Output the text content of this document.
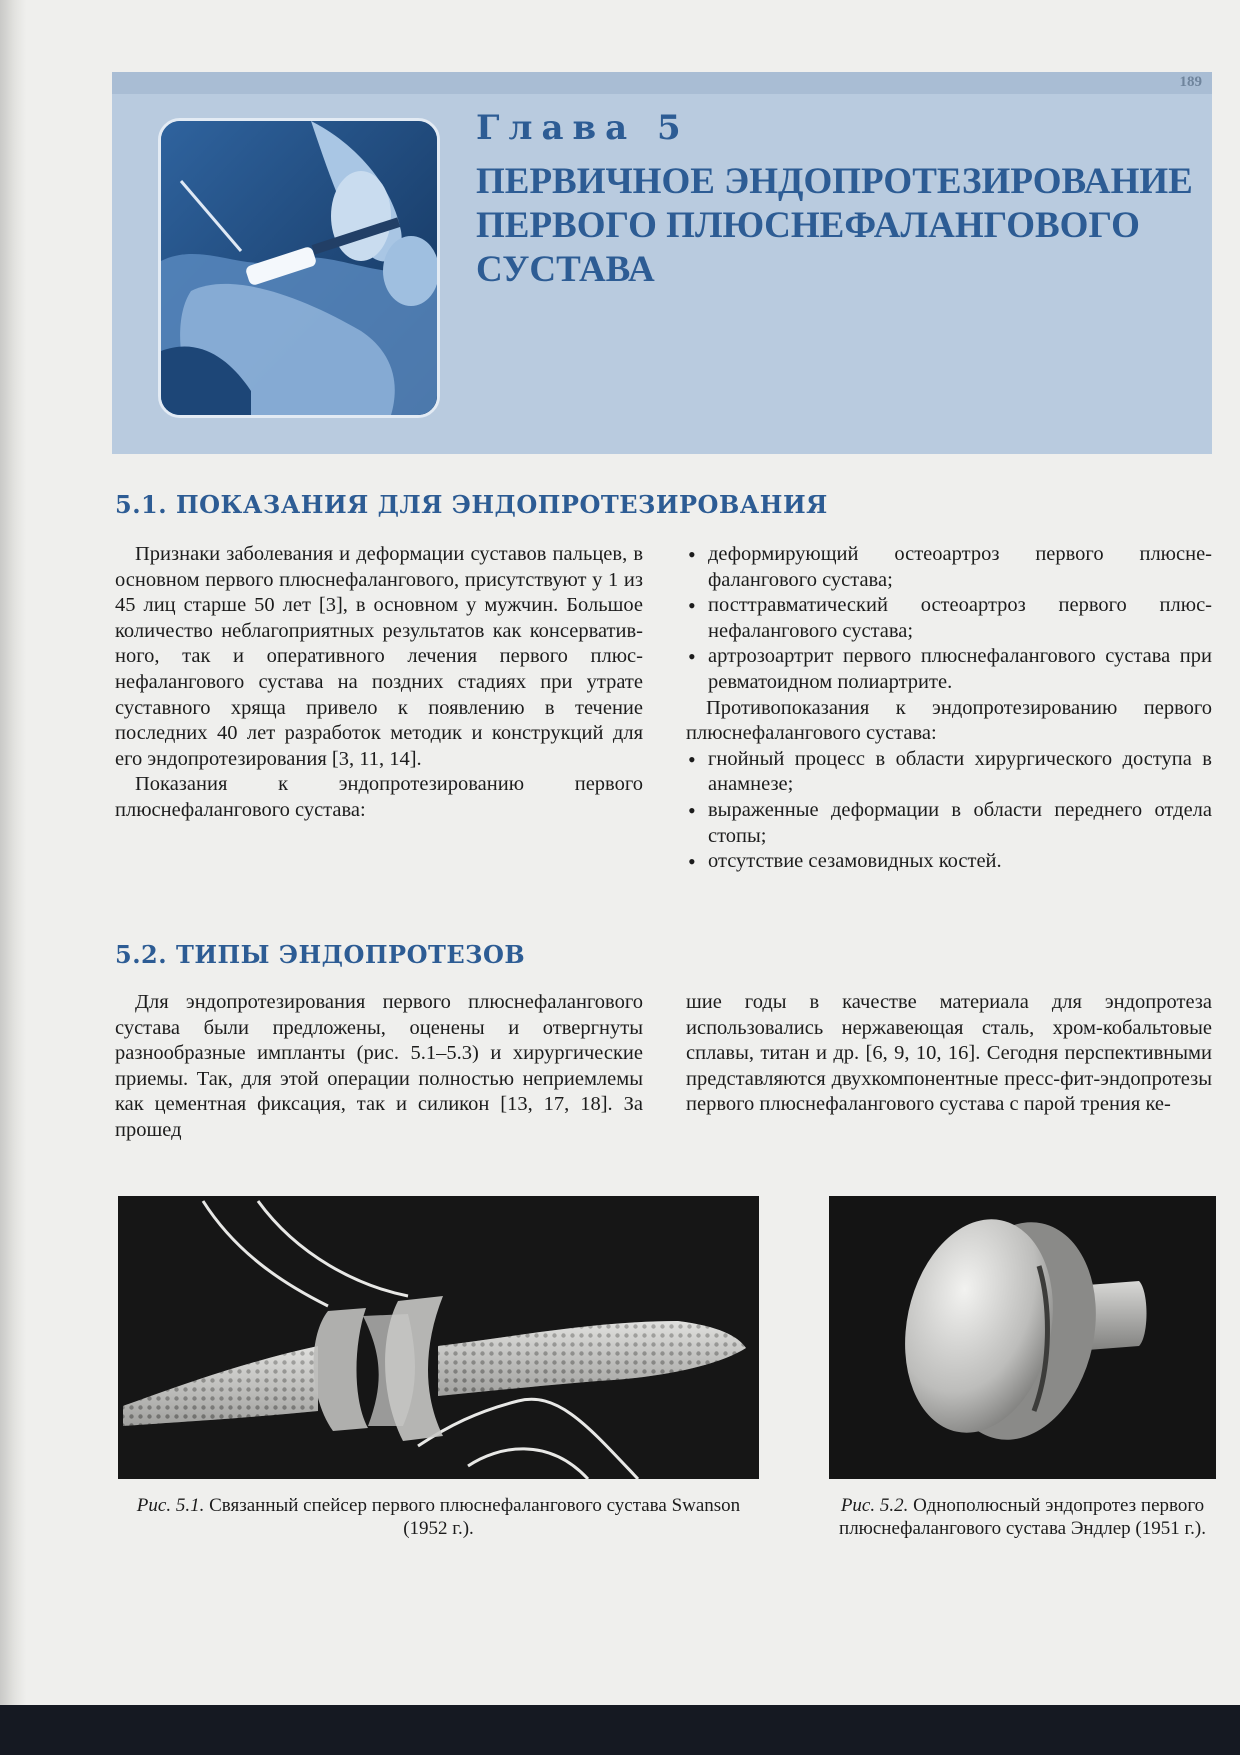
189
Глава 5
ПЕРВИЧНОЕ ЭНДОПРОТЕЗИРОВАНИЕ ПЕРВОГО ПЛЮСНЕФАЛАНГОВОГО СУСТАВА
5.1. ПОКАЗАНИЯ ДЛЯ ЭНДОПРОТЕЗИРОВАНИЯ

Признаки заболевания и деформации суставов пальцев, в основном первого плюснефалангового, присутствуют у 1 из 45 лиц старше 50 лет [3], в основном у мужчин. Большое количество неблагоприятных результатов как консервативного, так и оперативного лечения первого плюснефалангового сустава на поздних стадиях при утрате суставного хряща привело к появлению в течение последних 40 лет разработок методик и конструкций для его эндопротезирования [3, 11, 14].

Показания к эндопротезированию первого плюснефалангового сустава:

• деформирующий остеоартроз первого плюснефалангового сустава;
• посттравматический остеоартроз первого плюснефалангового сустава;
• артрозоартрит первого плюснефалангового сустава при ревматоидном полиартрите.

Противопоказания к эндопротезированию первого плюснефалангового сустава:

• гнойный процесс в области хирургического доступа в анамнезе;
• выраженные деформации в области переднего отдела стопы;
• отсутствие сезамовидных костей.
5.2. ТИПЫ ЭНДОПРОТЕЗОВ

Для эндопротезирования первого плюснефалангового сустава были предложены, оценены и отвергнуты разнообразные импланты (рис. 5.1–5.3) и хирургические приемы. Так, для этой операции полностью неприемлемы как цементная фиксация, так и силикон [13, 17, 18]. За прошед

шие годы в качестве материала для эндопротеза использовались нержавеющая сталь, хром-кобальтовые сплавы, титан и др. [6, 9, 10, 16]. Сегодня перспективными представляются двухкомпонентные пресс-фит-эндопротезы первого плюснефалангового сустава с парой трения ке-

Рис. 5.1. Связанный спейсер первого плюснефалангового сустава Swanson (1952 г.).
Рис. 5.2. Однополюсный эндопротез первого плюснефалангового сустава Эндлер (1951 г.).
